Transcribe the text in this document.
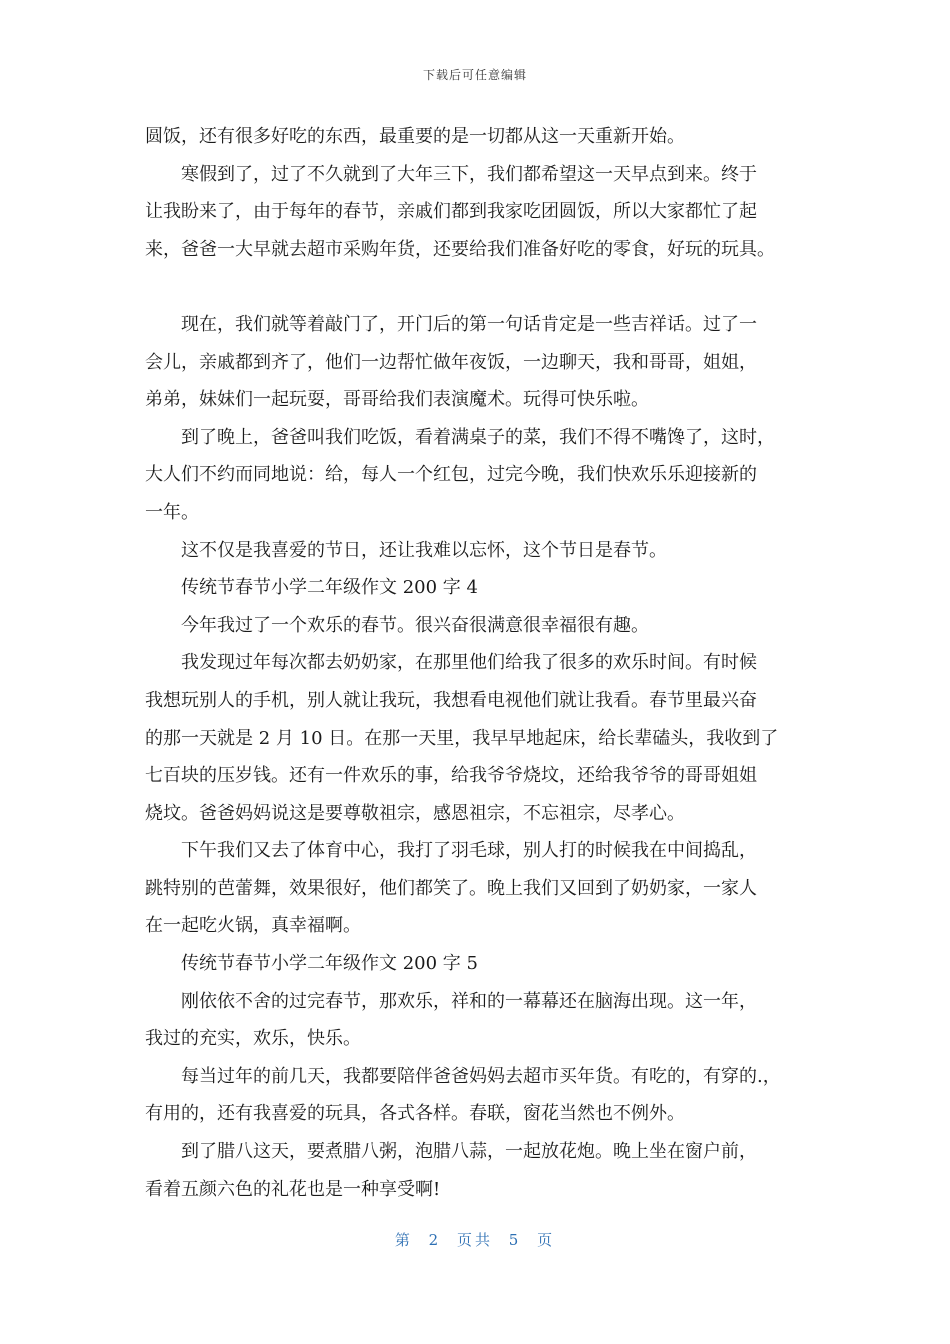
下载后可任意编辑
圆饭，还有很多好吃的东西，最重要的是一切都从这一天重新开始。
寒假到了，过了不久就到了大年三下，我们都希望这一天早点到来。终于
让我盼来了，由于每年的春节，亲戚们都到我家吃团圆饭，所以大家都忙了起
来，爸爸一大早就去超市采购年货，还要给我们准备好吃的零食，好玩的玩具。
现在，我们就等着敲门了，开门后的第一句话肯定是一些吉祥话。过了一
会儿，亲戚都到齐了，他们一边帮忙做年夜饭，一边聊天，我和哥哥，姐姐，
弟弟，妹妹们一起玩耍，哥哥给我们表演魔术。玩得可快乐啦。
到了晚上，爸爸叫我们吃饭，看着满桌子的菜，我们不得不嘴馋了，这时，
大人们不约而同地说：给，每人一个红包，过完今晚，我们快欢乐乐迎接新的
一年。
这不仅是我喜爱的节日，还让我难以忘怀，这个节日是春节。
传统节春节小学二年级作文 200 字 4
今年我过了一个欢乐的春节。很兴奋很满意很幸福很有趣。
我发现过年每次都去奶奶家，在那里他们给我了很多的欢乐时间。有时候
我想玩别人的手机，别人就让我玩，我想看电视他们就让我看。春节里最兴奋
的那一天就是 2 月 10 日。在那一天里，我早早地起床，给长辈磕头，我收到了
七百块的压岁钱。还有一件欢乐的事，给我爷爷烧坟，还给我爷爷的哥哥姐姐
烧坟。爸爸妈妈说这是要尊敬祖宗，感恩祖宗，不忘祖宗，尽孝心。
下午我们又去了体育中心，我打了羽毛球，别人打的时候我在中间捣乱，
跳特别的芭蕾舞，效果很好，他们都笑了。晚上我们又回到了奶奶家，一家人
在一起吃火锅，真幸福啊。
传统节春节小学二年级作文 200 字 5
刚依依不舍的过完春节，那欢乐，祥和的一幕幕还在脑海出现。这一年，
我过的充实，欢乐，快乐。
每当过年的前几天，我都要陪伴爸爸妈妈去超市买年货。有吃的，有穿的.，
有用的，还有我喜爱的玩具，各式各样。春联，窗花当然也不例外。
到了腊八这天，要煮腊八粥，泡腊八蒜，一起放花炮。晚上坐在窗户前，
看着五颜六色的礼花也是一种享受啊!
第 2 页共 5 页
